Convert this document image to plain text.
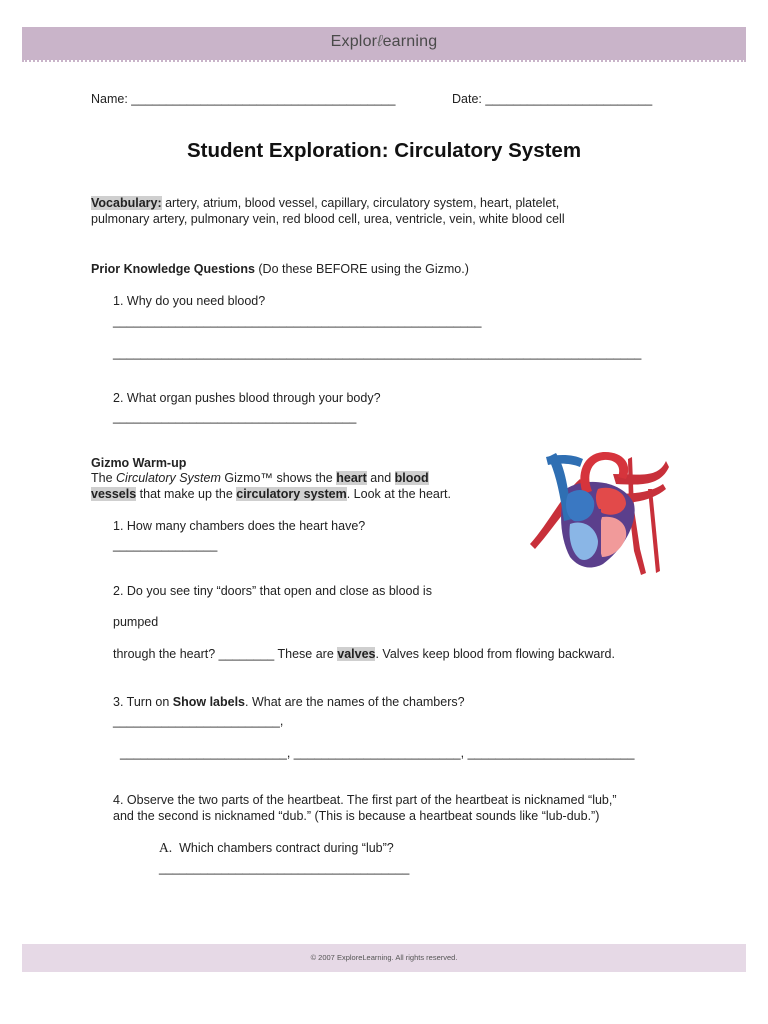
Explorℓearning
Name: ______________________________________	Date: ________________________
Student Exploration: Circulatory System
Vocabulary: artery, atrium, blood vessel, capillary, circulatory system, heart, platelet,
pulmonary artery, pulmonary vein, red blood cell, urea, ventricle, vein, white blood cell
Prior Knowledge Questions (Do these BEFORE using the Gizmo.)
1. Why do you need blood?
_____________________________________________________
____________________________________________________________________________
2. What organ pushes blood through your body?
___________________________________
Gizmo Warm-up
The Circulatory System Gizmo™ shows the heart and blood
vessels that make up the circulatory system. Look at the heart.
1. How many chambers does the heart have?
_______________
2. Do you see tiny “doors” that open and close as blood is
pumped
through the heart? ________ These are valves. Valves keep blood from flowing backward.
3. Turn on Show labels. What are the names of the chambers?
________________________,
________________________, ________________________, ________________________
4. Observe the two parts of the heartbeat. The first part of the heartbeat is nicknamed “lub,”
and the second is nicknamed “dub.” (This is because a heartbeat sounds like “lub-dub.”)
A. Which chambers contract during “lub”?
____________________________________
© 2007 ExploreLearning. All rights reserved.
